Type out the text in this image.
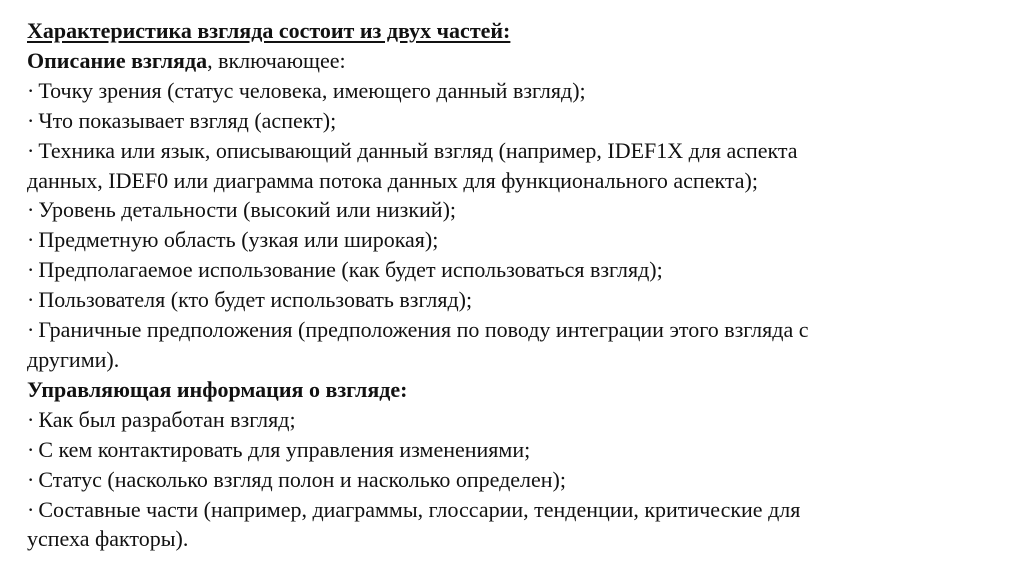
Характеристика взгляда состоит из двух частей:
Описание взгляда, включающее:
· Точку зрения (статус человека, имеющего данный взгляд);
· Что показывает взгляд (аспект);
· Техника или язык, описывающий данный взгляд (например, IDEF1X для аспекта
данных, IDEF0 или диаграмма потока данных для функционального аспекта);
· Уровень детальности (высокий или низкий);
· Предметную область (узкая или широкая);
· Предполагаемое использование (как будет использоваться взгляд);
· Пользователя (кто будет использовать взгляд);
· Граничные предположения (предположения по поводу интеграции этого взгляда с
другими).
Управляющая информация о взгляде:
· Как был разработан взгляд;
· С кем контактировать для управления изменениями;
· Статус (насколько взгляд полон и насколько определен);
· Составные части (например, диаграммы, глоссарии, тенденции, критические для
успеха факторы).
